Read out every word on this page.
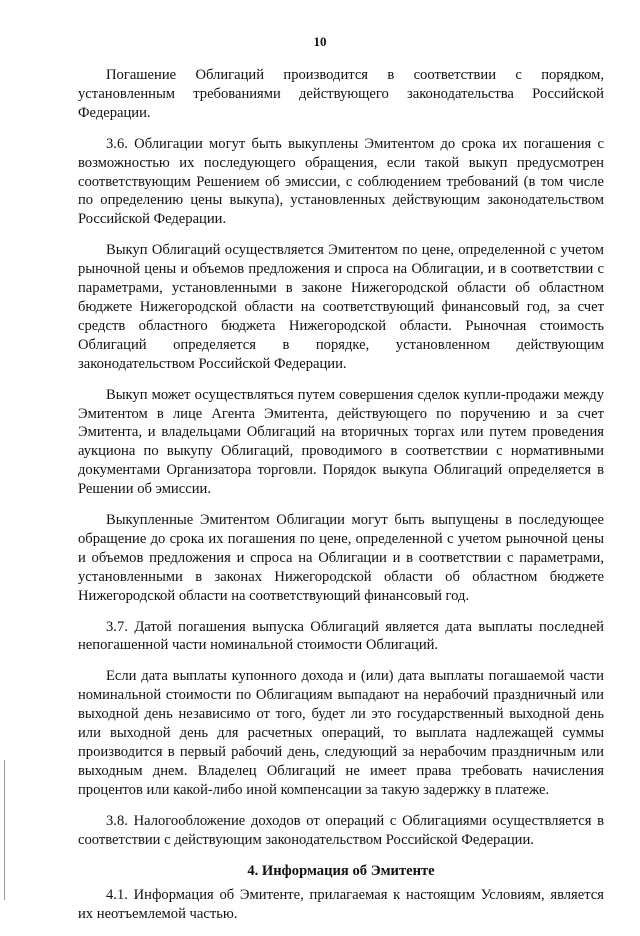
10

Погашение Облигаций производится в соответствии с порядком, установленным требованиями действующего законодательства Российской Федерации.

3.6. Облигации могут быть выкуплены Эмитентом до срока их погашения с возможностью их последующего обращения, если такой выкуп предусмотрен соответствующим Решением об эмиссии, с соблюдением требований (в том числе по определению цены выкупа), установленных действующим законодательством Российской Федерации.

Выкуп Облигаций осуществляется Эмитентом по цене, определенной с учетом рыночной цены и объемов предложения и спроса на Облигации, и в соответствии с параметрами, установленными в законе Нижегородской области об областном бюджете Нижегородской области на соответствующий финансовый год, за счет средств областного бюджета Нижегородской области. Рыночная стоимость Облигаций определяется в порядке, установленном действующим законодательством Российской Федерации.

Выкуп может осуществляться путем совершения сделок купли-продажи между Эмитентом в лице Агента Эмитента, действующего по поручению и за счет Эмитента, и владельцами Облигаций на вторичных торгах или путем проведения аукциона по выкупу Облигаций, проводимого в соответствии с нормативными документами Организатора торговли. Порядок выкупа Облигаций определяется в Решении об эмиссии.

Выкупленные Эмитентом Облигации могут быть выпущены в последующее обращение до срока их погашения по цене, определенной с учетом рыночной цены и объемов предложения и спроса на Облигации и в соответствии с параметрами, установленными в законах Нижегородской области об областном бюджете Нижегородской области на соответствующий финансовый год.

3.7. Датой погашения выпуска Облигаций является дата выплаты последней непогашенной части номинальной стоимости Облигаций.

Если дата выплаты купонного дохода и (или) дата выплаты погашаемой части номинальной стоимости по Облигациям выпадают на нерабочий праздничный или выходной день независимо от того, будет ли это государственный выходной день или выходной день для расчетных операций, то выплата надлежащей суммы производится в первый рабочий день, следующий за нерабочим праздничным или выходным днем. Владелец Облигаций не имеет права требовать начисления процентов или какой-либо иной компенсации за такую задержку в платеже.

3.8. Налогообложение доходов от операций с Облигациями осуществляется в соответствии с действующим законодательством Российской Федерации.

4. Информация об Эмитенте

4.1. Информация об Эмитенте, прилагаемая к настоящим Условиям, является их неотъемлемой частью.
